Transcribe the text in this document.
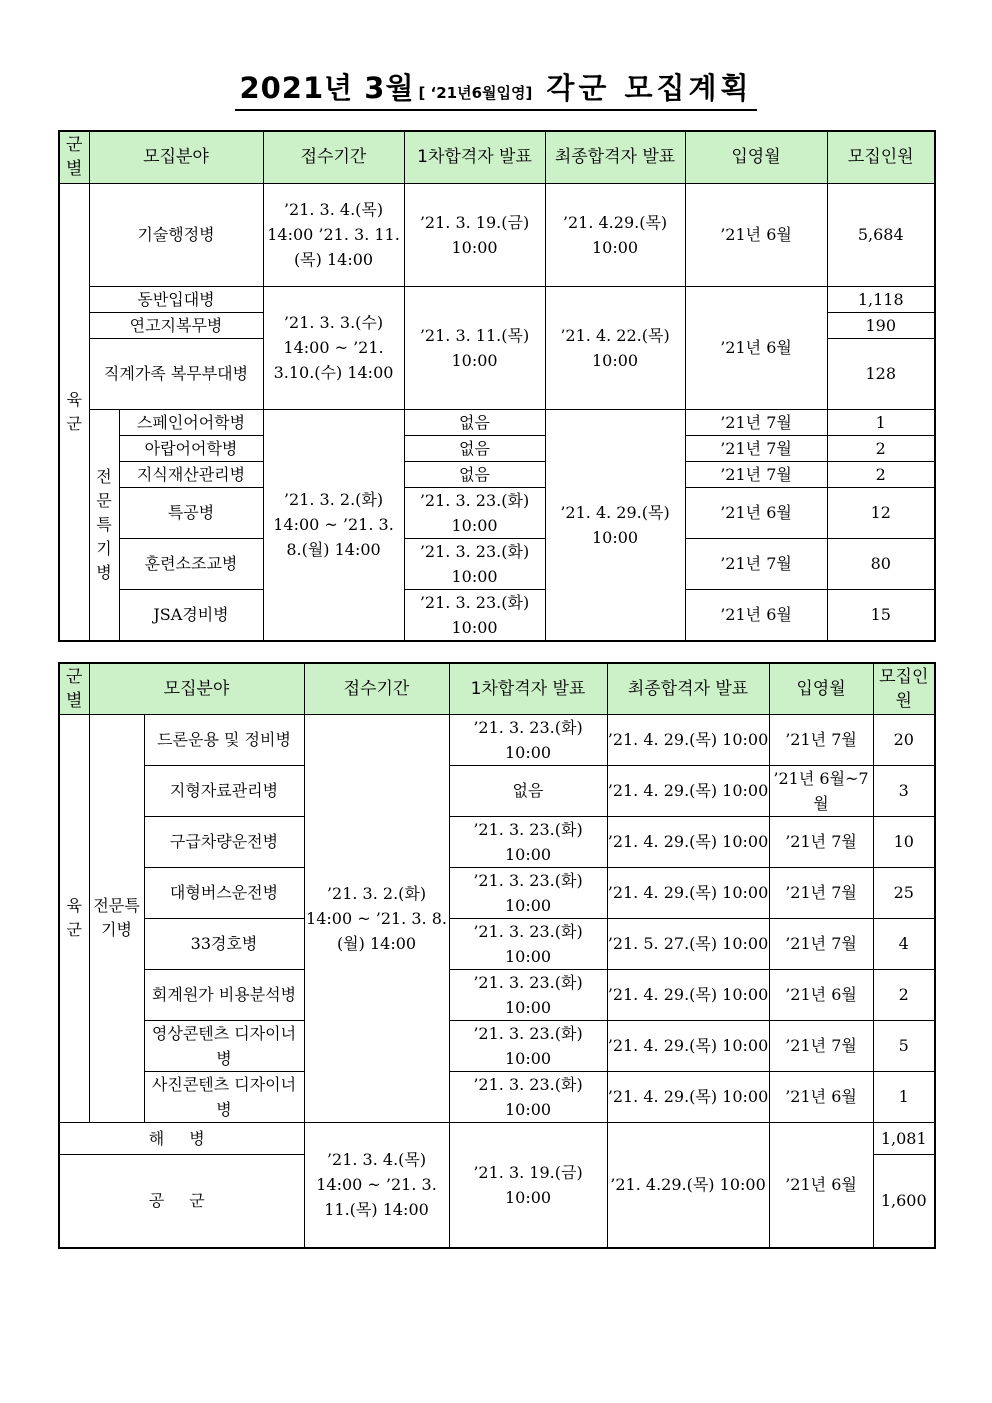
2021년 3월 [ ‘21년6월입영] 각군 모집계획
군별	모집분야		접수기간	1차합격자 발표	최종합격자 발표	입영월	모집인원
육군	기술행정병		’21. 3. 4.(목) 14:00 ’21. 3. 11.(목) 14:00	’21. 3. 19.(금) 10:00	’21. 4.29.(목) 10:00	’21년 6월	5,684
	동반입대병		’21. 3. 3.(수) 14:00 ~ ’21. 3.10.(수) 14:00	’21. 3. 11.(목) 10:00	’21. 4. 22.(목) 10:00	’21년 6월	1,118
	연고지복무병						190
	직계가족 복무부대병						128
	전문특기병	스페인어어학병	’21. 3. 2.(화) 14:00 ~ ’21. 3. 8.(월) 14:00	없음	’21. 4. 29.(목) 10:00	’21년 7월	1
		아랍어어학병		없음		’21년 7월	2
		지식재산관리병		없음		’21년 7월	2
		특공병		’21. 3. 23.(화) 10:00		’21년 6월	12
		훈련소조교병		’21. 3. 23.(화) 10:00		’21년 7월	80
		JSA경비병		’21. 3. 23.(화) 10:00		’21년 6월	15
군별	모집분야		접수기간	1차합격자 발표	최종합격자 발표	입영월	모집인원
육군	전문특기병	드론운용 및 정비병	’21. 3. 2.(화) 14:00 ~ ’21. 3. 8.(월) 14:00	’21. 3. 23.(화) 10:00	’21. 4. 29.(목) 10:00	’21년 7월	20
		지형자료관리병		없음	’21. 4. 29.(목) 10:00	’21년 6월~7월	3
		구급차량운전병		’21. 3. 23.(화) 10:00	’21. 4. 29.(목) 10:00	’21년 7월	10
		대형버스운전병		’21. 3. 23.(화) 10:00	’21. 4. 29.(목) 10:00	’21년 7월	25
		33경호병		’21. 3. 23.(화) 10:00	’21. 5. 27.(목) 10:00	’21년 7월	4
		회계원가 비용분석병		’21. 3. 23.(화) 10:00	’21. 4. 29.(목) 10:00	’21년 6월	2
		영상콘텐츠 디자이너병		’21. 3. 23.(화) 10:00	’21. 4. 29.(목) 10:00	’21년 7월	5
		사진콘텐츠 디자이너병		’21. 3. 23.(화) 10:00	’21. 4. 29.(목) 10:00	’21년 6월	1
해 병			’21. 3. 4.(목) 14:00 ~ ’21. 3. 11.(목) 14:00	’21. 3. 19.(금) 10:00	’21. 4.29.(목) 10:00	’21년 6월	1,081
공 군							1,600
